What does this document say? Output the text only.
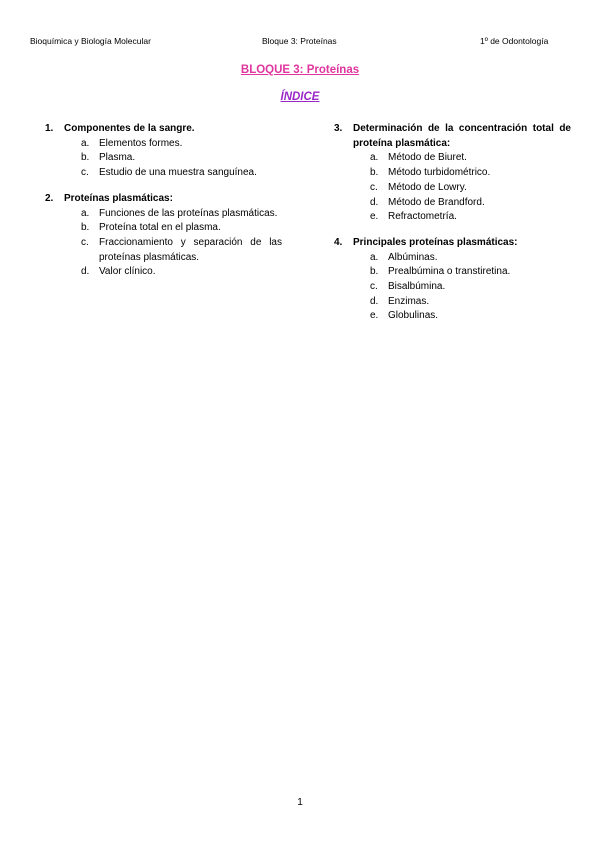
Bioquímica y Biología Molecular	Bloque 3: Proteínas	1º de Odontología
BLOQUE 3: Proteínas
ÍNDICE
1.	Componentes de la sangre.
a. Elementos formes.
b. Plasma.
c.	Estudio de una muestra sanguínea.
2.	Proteínas plasmáticas:
a. Funciones de las proteínas plasmáticas.
b. Proteína total en el plasma.
c.	Fraccionamiento y separación de las proteínas plasmáticas.
d. Valor clínico.
3.	Determinación de la concentración total de proteína plasmática:
a. Método de Biuret.
b. Método turbidométrico.
c.	Método de Lowry.
d. Método de Brandford.
e. Refractometría.
4.	Principales proteínas plasmáticas:
a. Albúminas.
b. Prealbúmina o transtiretina.
c.	Bisalbúmina.
d. Enzimas.
e. Globulinas.
1
